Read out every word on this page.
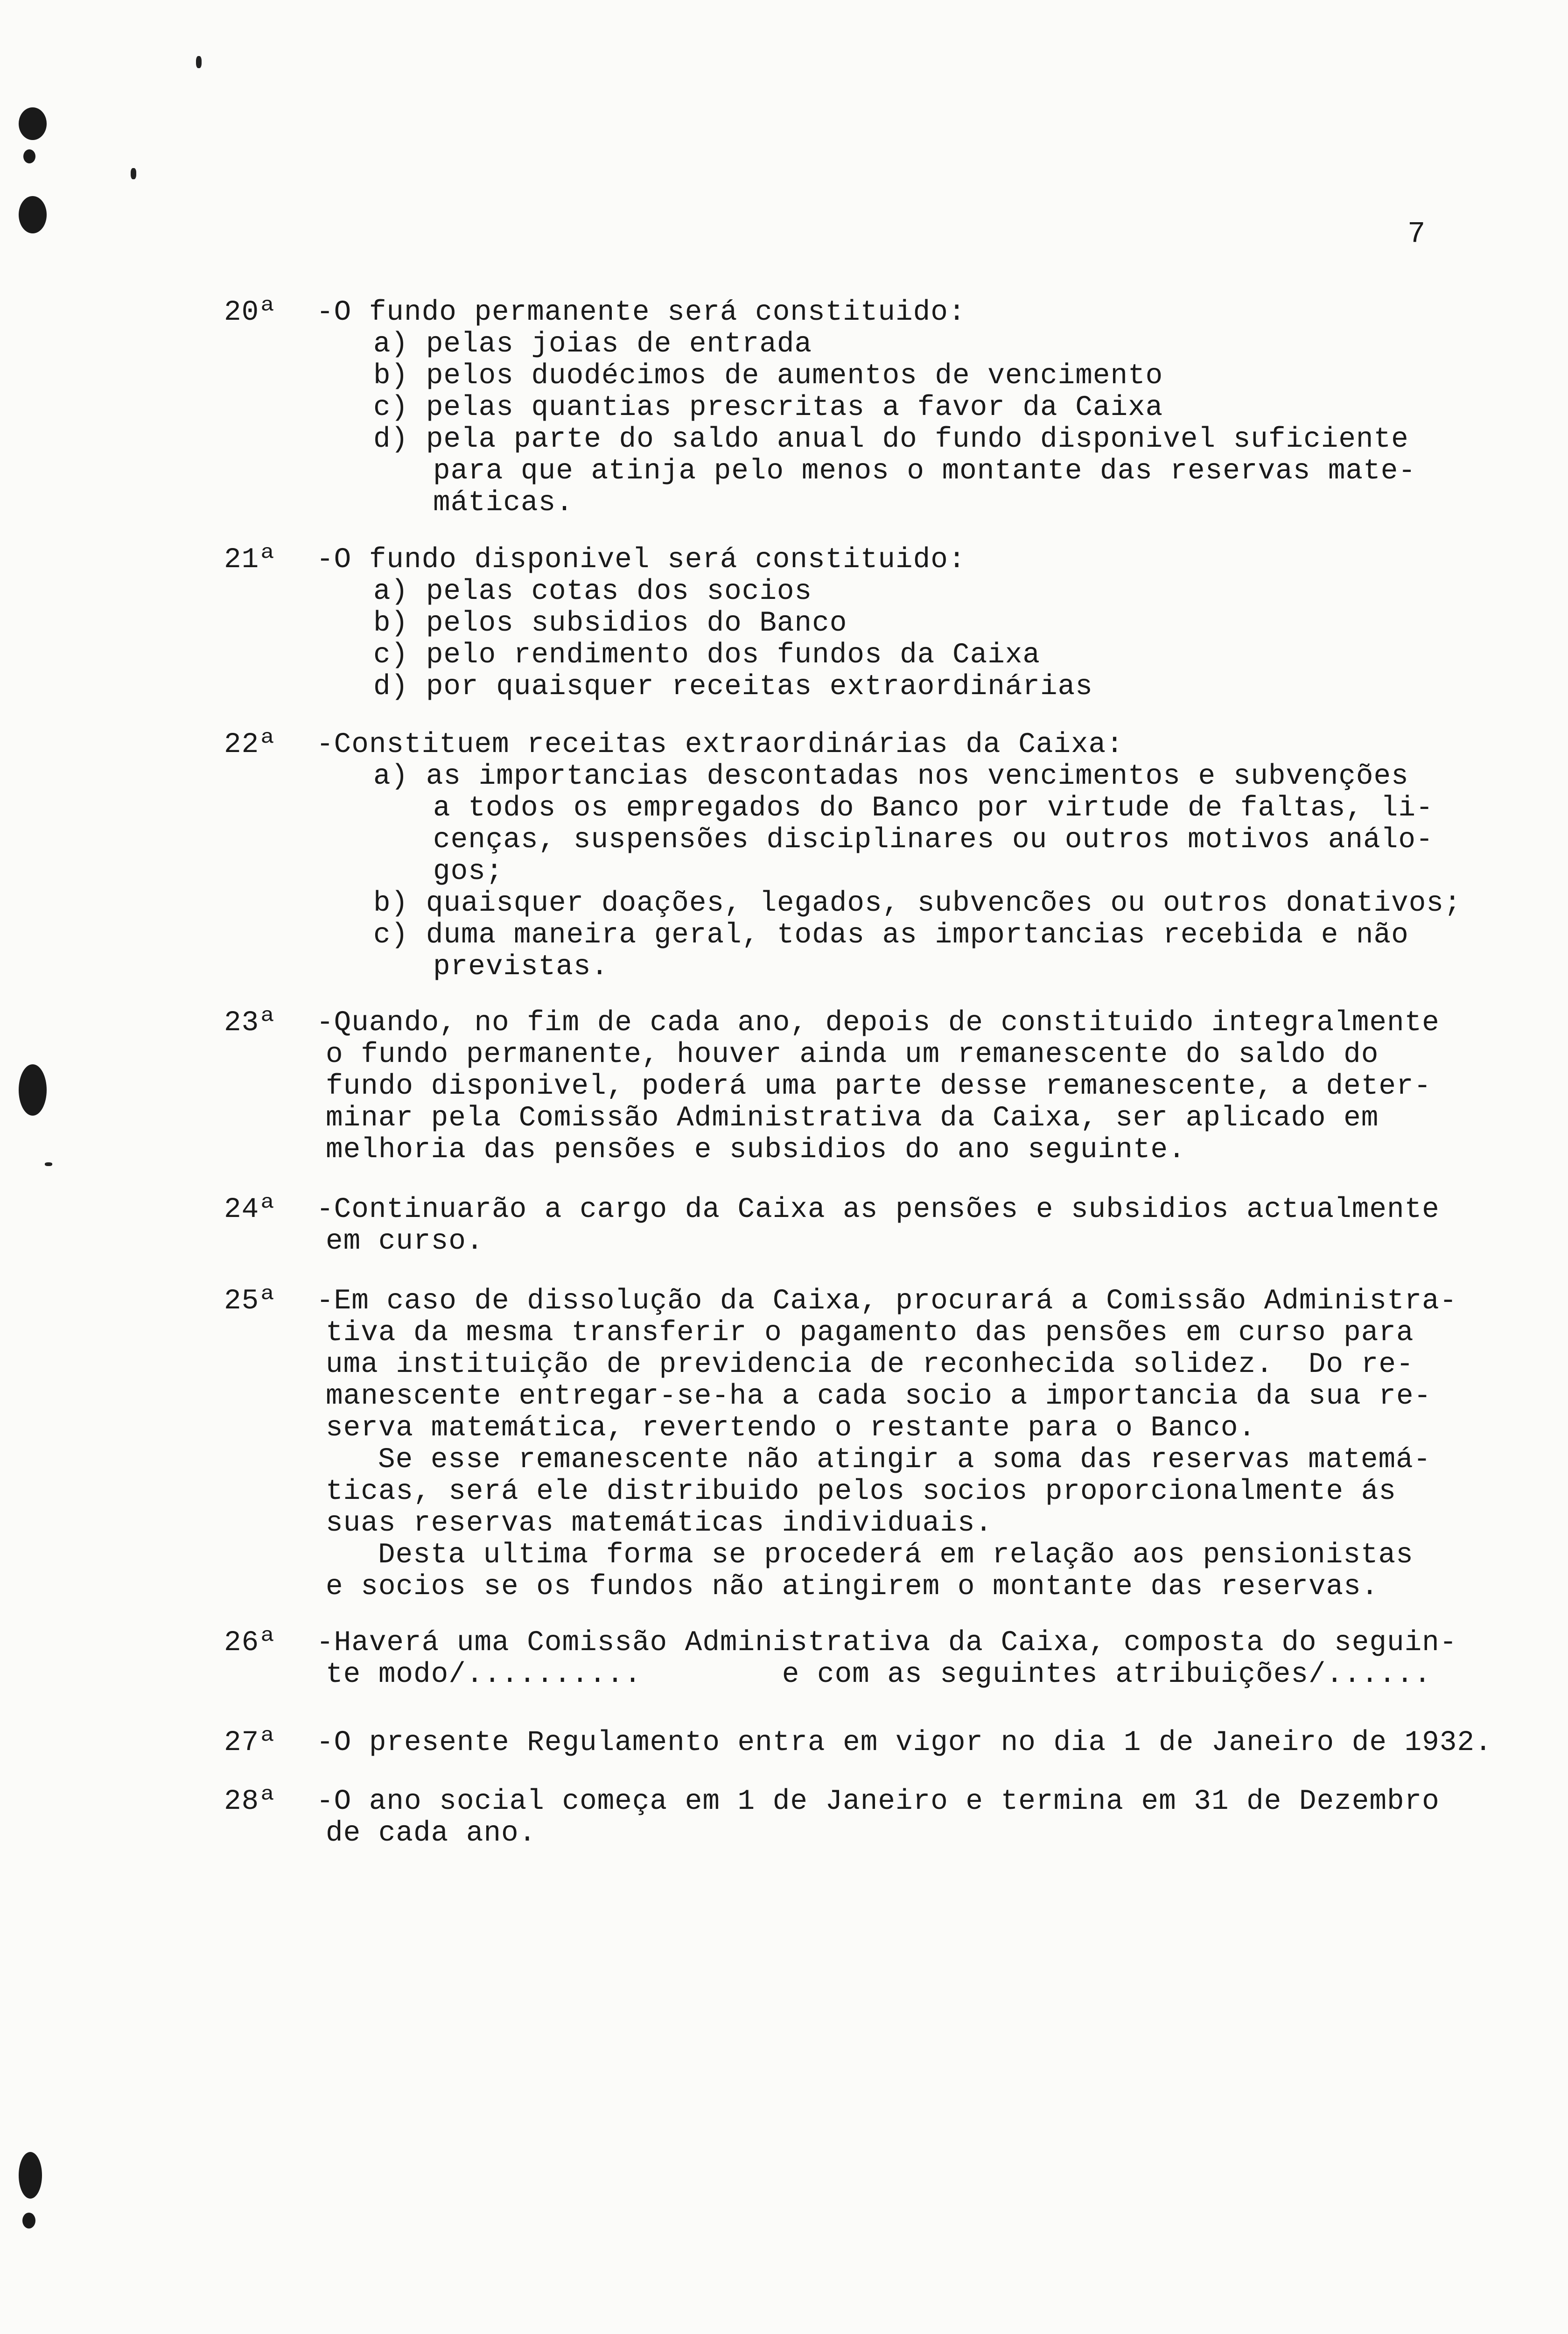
7
20ª -O fundo permanente será constituido:
a) pelas joias de entrada
b) pelos duodécimos de aumentos de vencimento
c) pelas quantias prescritas a favor da Caixa
d) pela parte do saldo anual do fundo disponivel suficiente
para que atinja pelo menos o montante das reservas mate-
máticas.
21ª -O fundo disponivel será constituido:
a) pelas cotas dos socios
b) pelos subsidios do Banco
c) pelo rendimento dos fundos da Caixa
d) por quaisquer receitas extraordinárias
22ª -Constituem receitas extraordinárias da Caixa:
a) as importancias descontadas nos vencimentos e subvenções
a todos os empregados do Banco por virtude de faltas, li-
cenças, suspensões disciplinares ou outros motivos análo-
gos;
b) quaisquer doações, legados, subvencões ou outros donativos;
c) duma maneira geral, todas as importancias recebida e não
previstas.
23ª -Quando, no fim de cada ano, depois de constituido integralmente
o fundo permanente, houver ainda um remanescente do saldo do
fundo disponivel, poderá uma parte desse remanescente, a deter-
minar pela Comissão Administrativa da Caixa, ser aplicado em
melhoria das pensões e subsidios do ano seguinte.
24ª -Continuarão a cargo da Caixa as pensões e subsidios actualmente
em curso.
25ª -Em caso de dissolução da Caixa, procurará a Comissão Administra-
tiva da mesma transferir o pagamento das pensões em curso para
uma instituição de previdencia de reconhecida solidez.  Do re-
manescente entregar-se-ha a cada socio a importancia da sua re-
serva matemática, revertendo o restante para o Banco.
Se esse remanescente não atingir a soma das reservas matemá-
ticas, será ele distribuido pelos socios proporcionalmente ás
suas reservas matemáticas individuais.
Desta ultima forma se procederá em relação aos pensionistas
e socios se os fundos não atingirem o montante das reservas.
26ª -Haverá uma Comissão Administrativa da Caixa, composta do seguin-
te modo/..........        e com as seguintes atribuições/......
27ª -O presente Regulamento entra em vigor no dia 1 de Janeiro de 1932.
28ª -O ano social começa em 1 de Janeiro e termina em 31 de Dezembro
de cada ano.
